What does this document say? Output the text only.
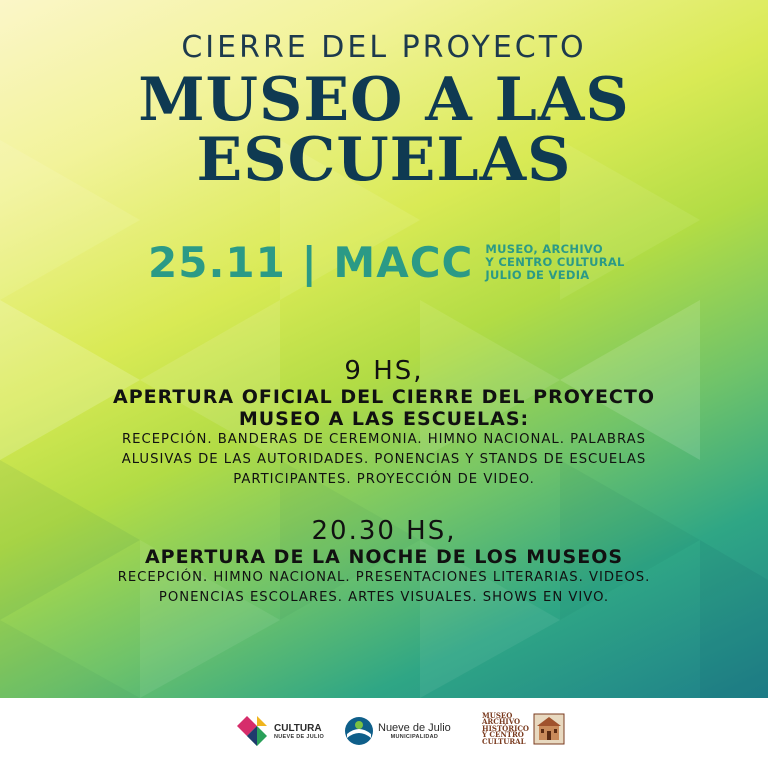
CIERRE DEL PROYECTO
MUSEO A LAS
ESCUELAS
25.11 | MACC MUSEO, ARCHIVO
Y CENTRO CULTURAL
JULIO DE VEDIA
9 HS,
APERTURA OFICIAL DEL CIERRE DEL PROYECTO
MUSEO A LAS ESCUELAS:
RECEPCIÓN. BANDERAS DE CEREMONIA. HIMNO NACIONAL. PALABRAS
ALUSIVAS DE LAS AUTORIDADES. PONENCIAS Y STANDS DE ESCUELAS
PARTICIPANTES. PROYECCIÓN DE VIDEO.
20.30 HS,
APERTURA DE LA NOCHE DE LOS MUSEOS
RECEPCIÓN. HIMNO NACIONAL. PRESENTACIONES LITERARIAS. VIDEOS.
PONENCIAS ESCOLARES. ARTES VISUALES. SHOWS EN VIVO.
CULTURA
NUEVE DE JULIO
Nueve de Julio
MUNICIPALIDAD
MUSEO
ARCHIVO
HISTÓRICO
Y CENTRO
CULTURAL
